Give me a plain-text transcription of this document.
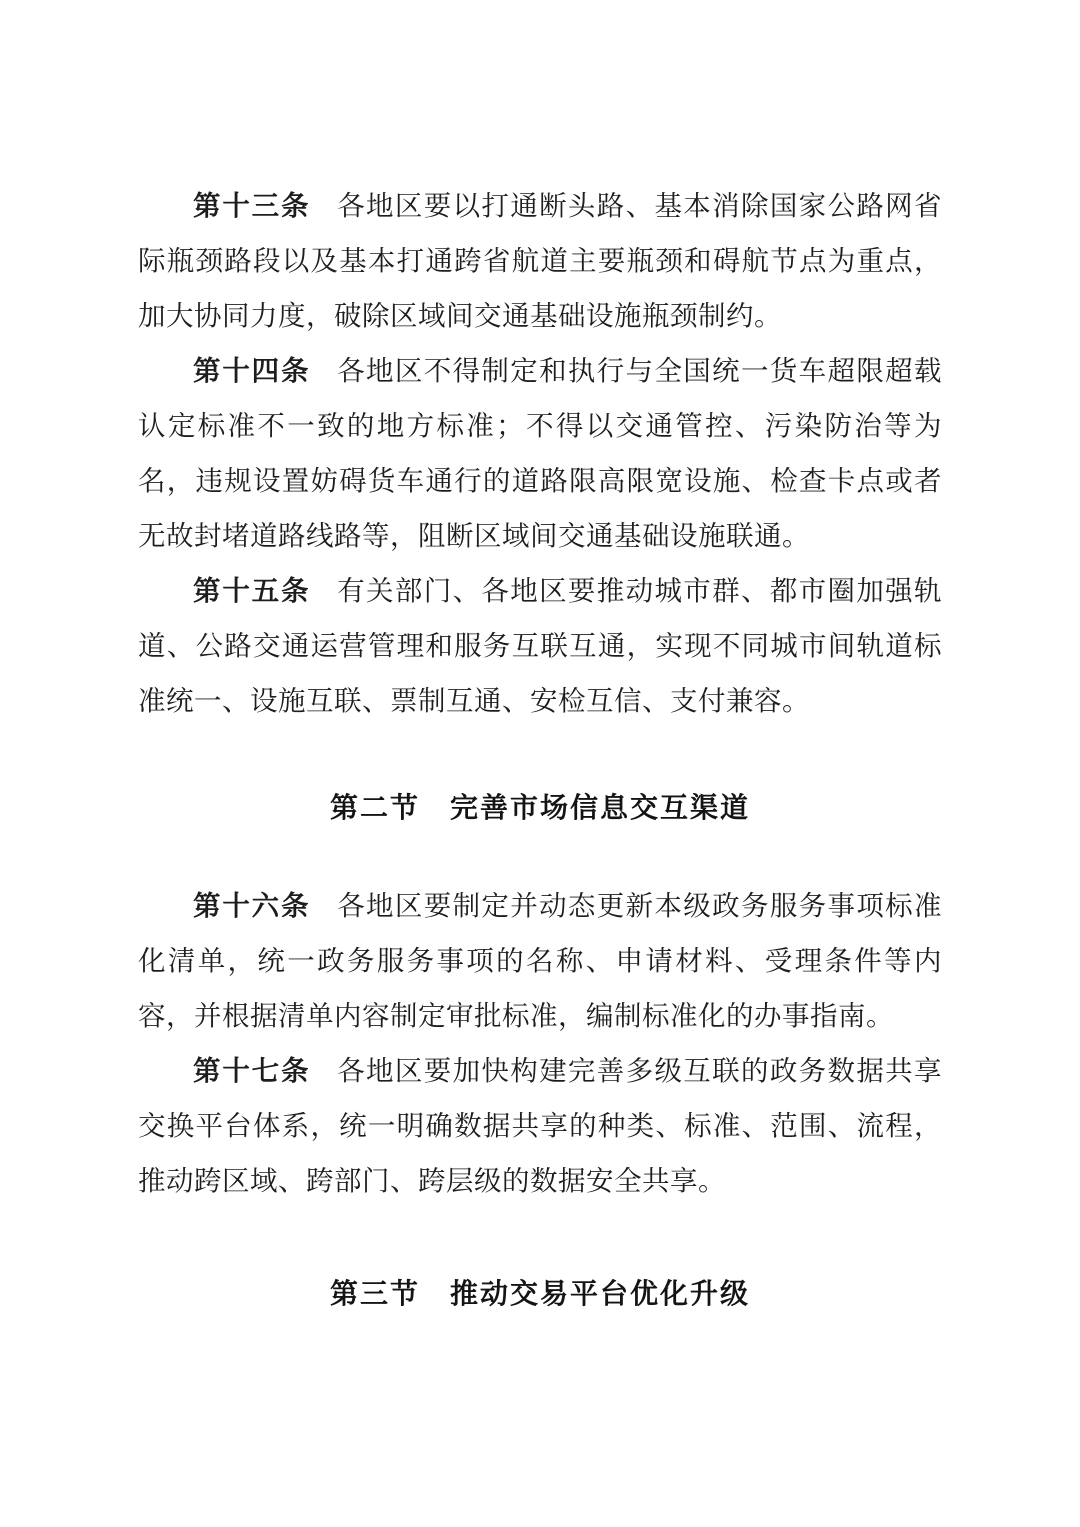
第十三条 各地区要以打通断头路、基本消除国家公路网省际瓶颈路段以及基本打通跨省航道主要瓶颈和碍航节点为重点，加大协同力度，破除区域间交通基础设施瓶颈制约。

第十四条 各地区不得制定和执行与全国统一货车超限超载认定标准不一致的地方标准；不得以交通管控、污染防治等为名，违规设置妨碍货车通行的道路限高限宽设施、检查卡点或者无故封堵道路线路等，阻断区域间交通基础设施联通。

第十五条 有关部门、各地区要推动城市群、都市圈加强轨道、公路交通运营管理和服务互联互通，实现不同城市间轨道标准统一、设施互联、票制互通、安检互信、支付兼容。

第二节 完善市场信息交互渠道

第十六条 各地区要制定并动态更新本级政务服务事项标准化清单，统一政务服务事项的名称、申请材料、受理条件等内容，并根据清单内容制定审批标准，编制标准化的办事指南。

第十七条 各地区要加快构建完善多级互联的政务数据共享交换平台体系，统一明确数据共享的种类、标准、范围、流程，推动跨区域、跨部门、跨层级的数据安全共享。

第三节 推动交易平台优化升级
